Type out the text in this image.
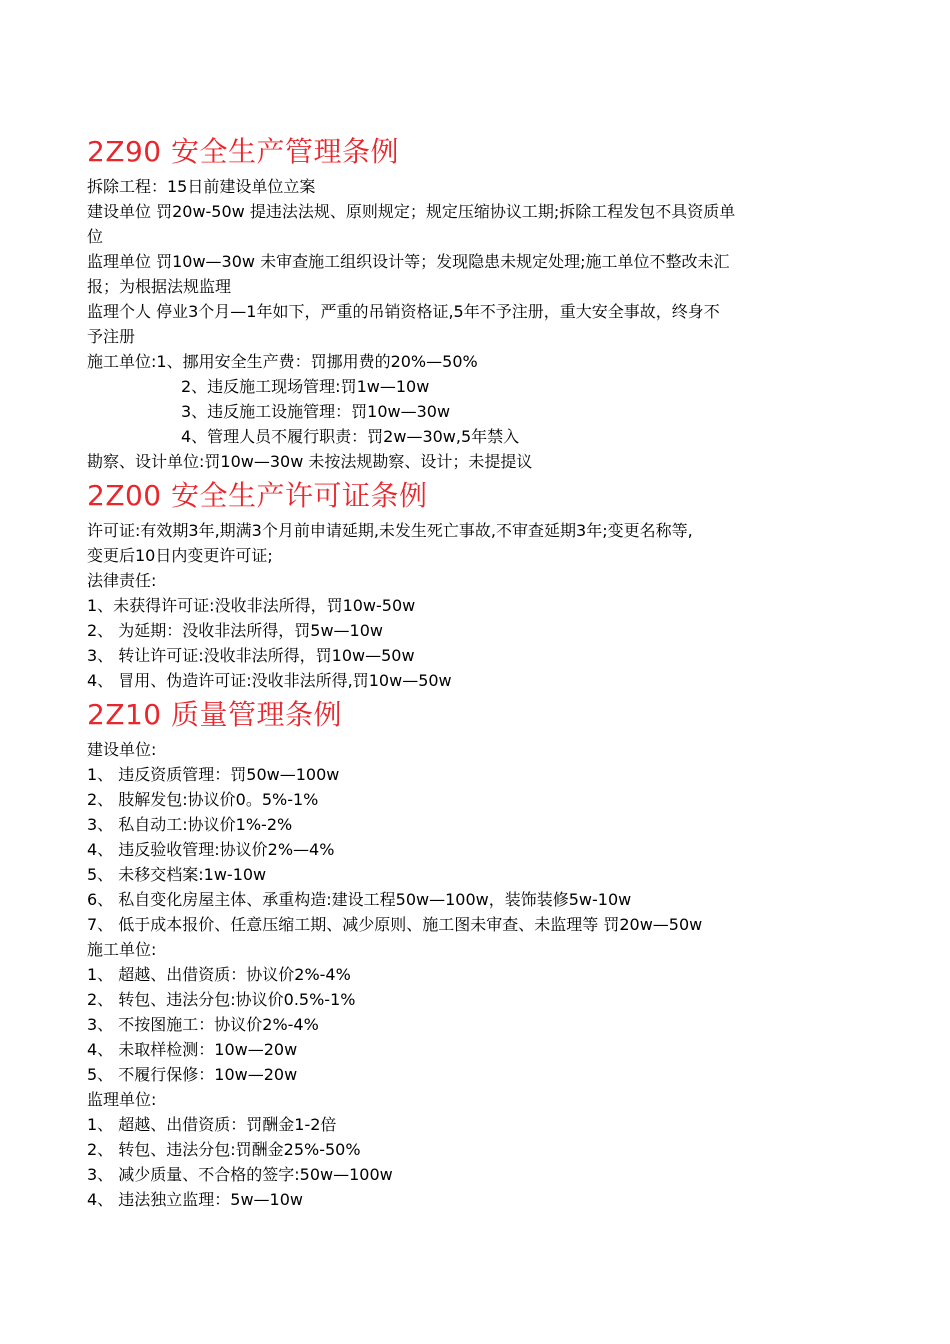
2Z90 安全生产管理条例

拆除工程：15日前建设单位立案

建设单位 罚20w-50w 提违法法规、原则规定；规定压缩协议工期;拆除工程发包不具资质单

位

监理单位 罚10w—30w 未审查施工组织设计等；发现隐患未规定处理;施工单位不整改未汇

报；为根据法规监理

监理个人 停业3个月—1年如下，严重的吊销资格证,5年不予注册，重大安全事故，终身不

予注册

施工单位:1、挪用安全生产费：罚挪用费的20%—50%

2、违反施工现场管理:罚1w—10w

3、违反施工设施管理：罚10w—30w

4、管理人员不履行职责：罚2w—30w,5年禁入

勘察、设计单位:罚10w—30w 未按法规勘察、设计；未提提议

2Z00 安全生产许可证条例

许可证:有效期3年,期满3个月前申请延期,未发生死亡事故,不审查延期3年;变更名称等,

变更后10日内变更许可证;

法律责任:

1、未获得许可证:没收非法所得，罚10w-50w

2、 为延期：没收非法所得，罚5w—10w

3、 转让许可证:没收非法所得，罚10w—50w

4、 冒用、伪造许可证:没收非法所得,罚10w—50w

2Z10 质量管理条例

建设单位:

1、 违反资质管理：罚50w—100w

2、 肢解发包:协议价0。5%-1%

3、 私自动工:协议价1%-2%

4、 违反验收管理:协议价2%—4%

5、 未移交档案:1w-10w

6、 私自变化房屋主体、承重构造:建设工程50w—100w，装饰装修5w-10w

7、 低于成本报价、任意压缩工期、减少原则、施工图未审查、未监理等 罚20w—50w

施工单位:

1、 超越、出借资质：协议价2%-4%

2、 转包、违法分包:协议价0.5%-1%

3、 不按图施工：协议价2%-4%

4、 未取样检测：10w—20w

5、 不履行保修：10w—20w

监理单位:

1、 超越、出借资质：罚酬金1-2倍

2、 转包、违法分包:罚酬金25%-50%

3、 减少质量、不合格的签字:50w—100w

4、 违法独立监理：5w—10w
